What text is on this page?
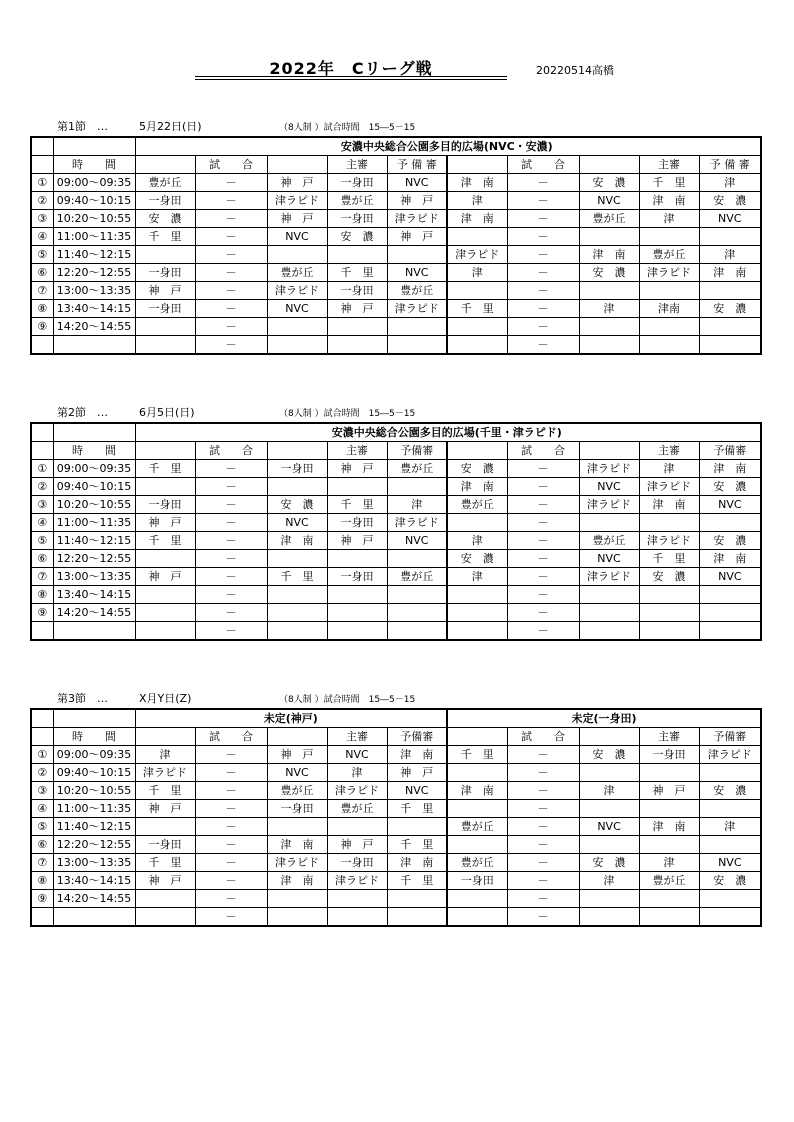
2022年　Cリーグ戦	20220514高橋
第1節　…	5月22日(日)	（8人制 ）試合時間　15―5－15
		安濃中央総合公園多目的広場(NVC・安濃)									
	時　　間		試　　合		主審	予 備 審		試　　合		主審	予 備 審
①	09:00～09:35	豊が丘	－	神　戸	一身田	NVC	津　南	－	安　濃	千　里	津
②	09:40～10:15	一身田	－	津ラピド	豊が丘	神　戸	津	－	NVC	津　南	安　濃
③	10:20～10:55	安　濃	－	神　戸	一身田	津ラピド	津　南	－	豊が丘	津	NVC
④	11:00～11:35	千　里	－	NVC	安　濃	神　戸		－			
⑤	11:40～12:15		－				津ラピド	－	津　南	豊が丘	津
⑥	12:20～12:55	一身田	－	豊が丘	千　里	NVC	津	－	安　濃	津ラピド	津　南
⑦	13:00～13:35	神　戸	－	津ラピド	一身田	豊が丘		－			
⑧	13:40～14:15	一身田	－	NVC	神　戸	津ラピド	千　里	－	津	津南	安　濃
⑨	14:20～14:55		－					－			
			－					－			
第2節　…	6月5日(日)	（8人制 ）試合時間　15―5－15
		安濃中央総合公園多目的広場(千里・津ラピド)									
	時　　間		試　　合		主審	予備審		試　　合		主審	予備審
①	09:00～09:35	千　里	－	一身田	神　戸	豊が丘	安　濃	－	津ラピド	津	津　南
②	09:40～10:15		－				津　南	－	NVC	津ラピド	安　濃
③	10:20～10:55	一身田	－	安　濃	千　里	津	豊が丘	－	津ラピド	津　南	NVC
④	11:00～11:35	神　戸	－	NVC	一身田	津ラピド		－			
⑤	11:40～12:15	千　里	－	津　南	神　戸	NVC	津	－	豊が丘	津ラピド	安　濃
⑥	12:20～12:55		－				安　濃	－	NVC	千　里	津　南
⑦	13:00～13:35	神　戸	－	千　里	一身田	豊が丘	津	－	津ラピド	安　濃	NVC
⑧	13:40～14:15		－					－			
⑨	14:20～14:55		－					－			
			－					－			
第3節　…	X月Y日(Z)	（8人制 ）試合時間　15―5－15
		未定(神戸)					未定(一身田)				
	時　　間		試　　合		主審	予備審		試　　合		主審	予備審
①	09:00～09:35	津	－	神　戸	NVC	津　南	千　里	－	安　濃	一身田	津ラピド
②	09:40～10:15	津ラピド	－	NVC	津	神　戸		－			
③	10:20～10:55	千　里	－	豊が丘	津ラピド	NVC	津　南	－	津	神　戸	安　濃
④	11:00～11:35	神　戸	－	一身田	豊が丘	千　里		－			
⑤	11:40～12:15		－				豊が丘	－	NVC	津　南	津
⑥	12:20～12:55	一身田	－	津　南	神　戸	千　里		－			
⑦	13:00～13:35	千　里	－	津ラピド	一身田	津　南	豊が丘	－	安　濃	津	NVC
⑧	13:40～14:15	神　戸	－	津　南	津ラピド	千　里	一身田	－	津	豊が丘	安　濃
⑨	14:20～14:55		－					－			
			－					－			
